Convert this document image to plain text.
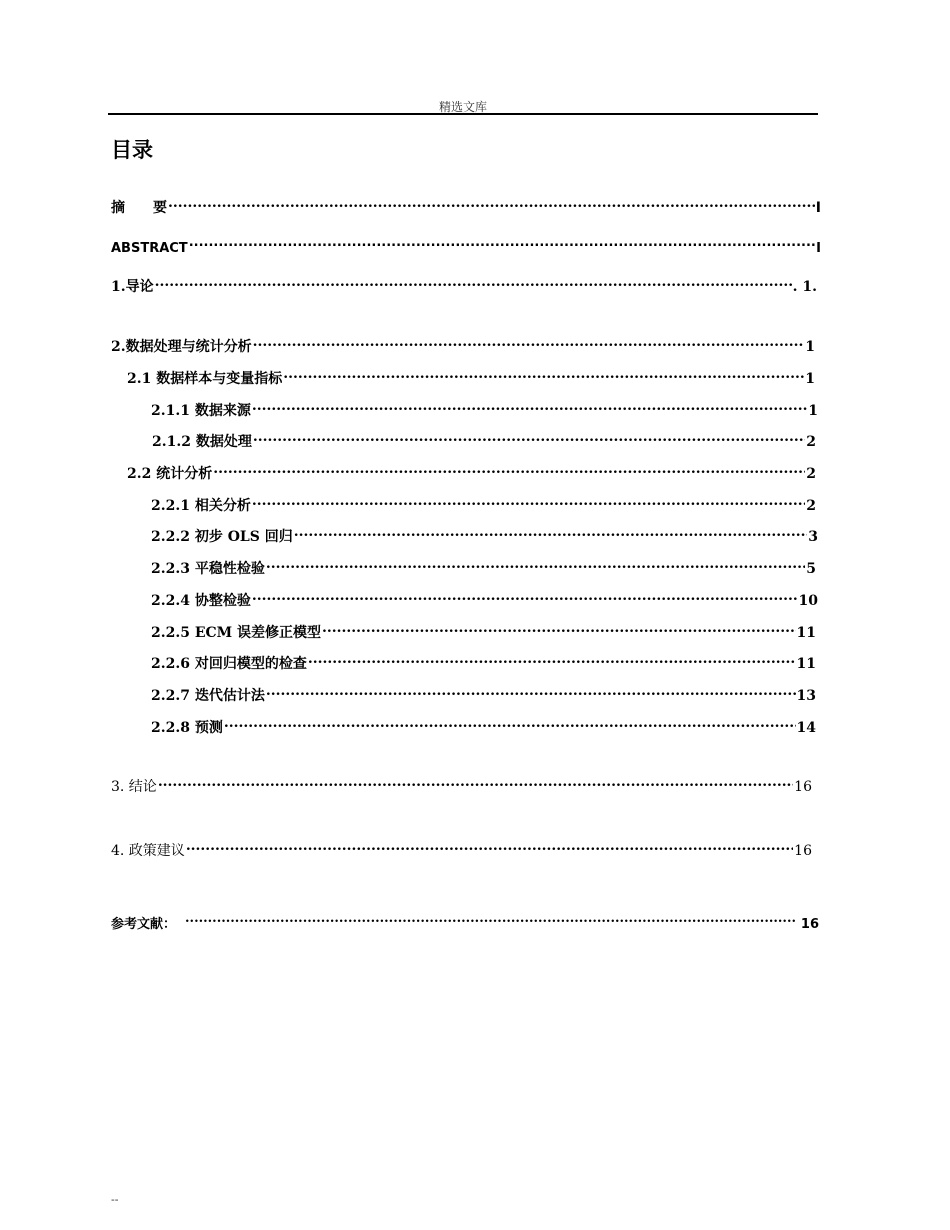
精选文库
目录
摘　　要 .....	I
ABSTRACT .....	I
1.导论 .....	. 1.
2.数据处理与统计分析 .....	1
2.1 数据样本与变量指标 .....	1
2.1.1 数据来源 .....	1
2.1.2 数据处理 .....	2
2.2 统计分析 .....	2
2.2.1 相关分析 .....	2
2.2.2 初步 OLS 回归 .....	3
2.2.3 平稳性检验 .....	5
2.2.4 协整检验 .....	10
2.2.5 ECM 误差修正模型 .....	11
2.2.6 对回归模型的检查 .....	11
2.2.7 迭代估计法 .....	13
2.2.8 预测 .....	14
3. 结论 .....	16
4. 政策建议 .....	16
参考文献： .....	16
--
